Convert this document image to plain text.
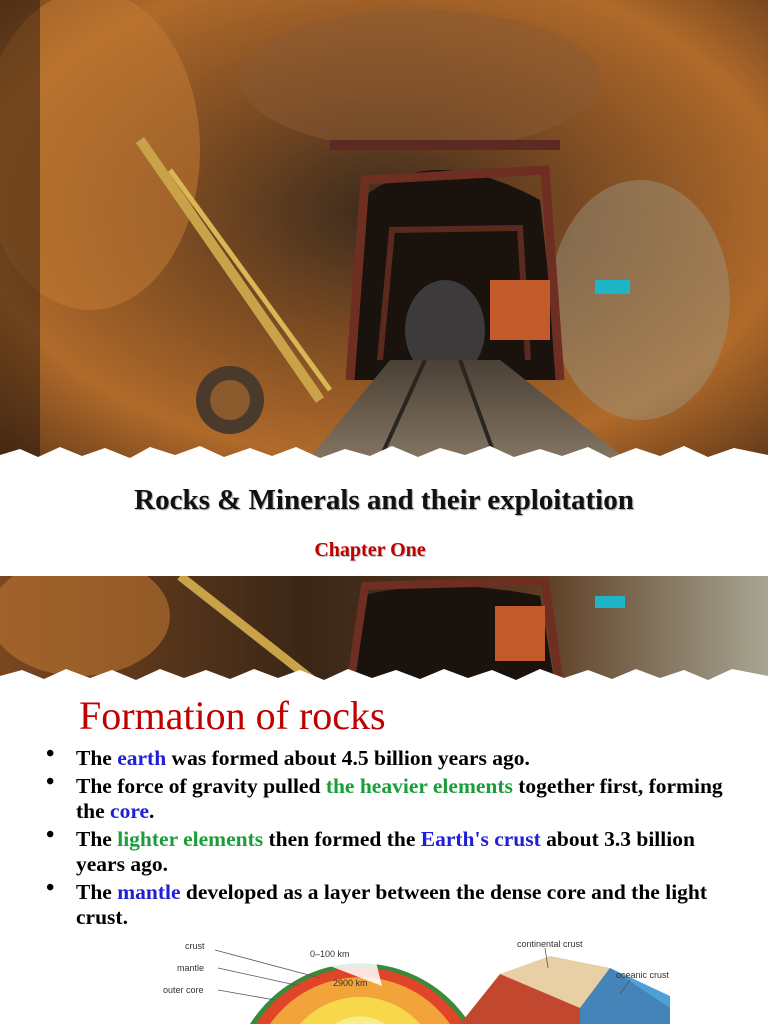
Rocks & Minerals and their exploitation
Chapter One
Formation of rocks
• The earth was formed about 4.5 billion years ago.
• The force of gravity pulled the heavier elements together first, forming the core.
• The lighter elements then formed the Earth's crust about 3.3 billion years ago.
• The mantle developed as a layer between the dense core and the light crust.
crust
mantle
outer core
0–100 km
2900 km
continental crust
oceanic crust
